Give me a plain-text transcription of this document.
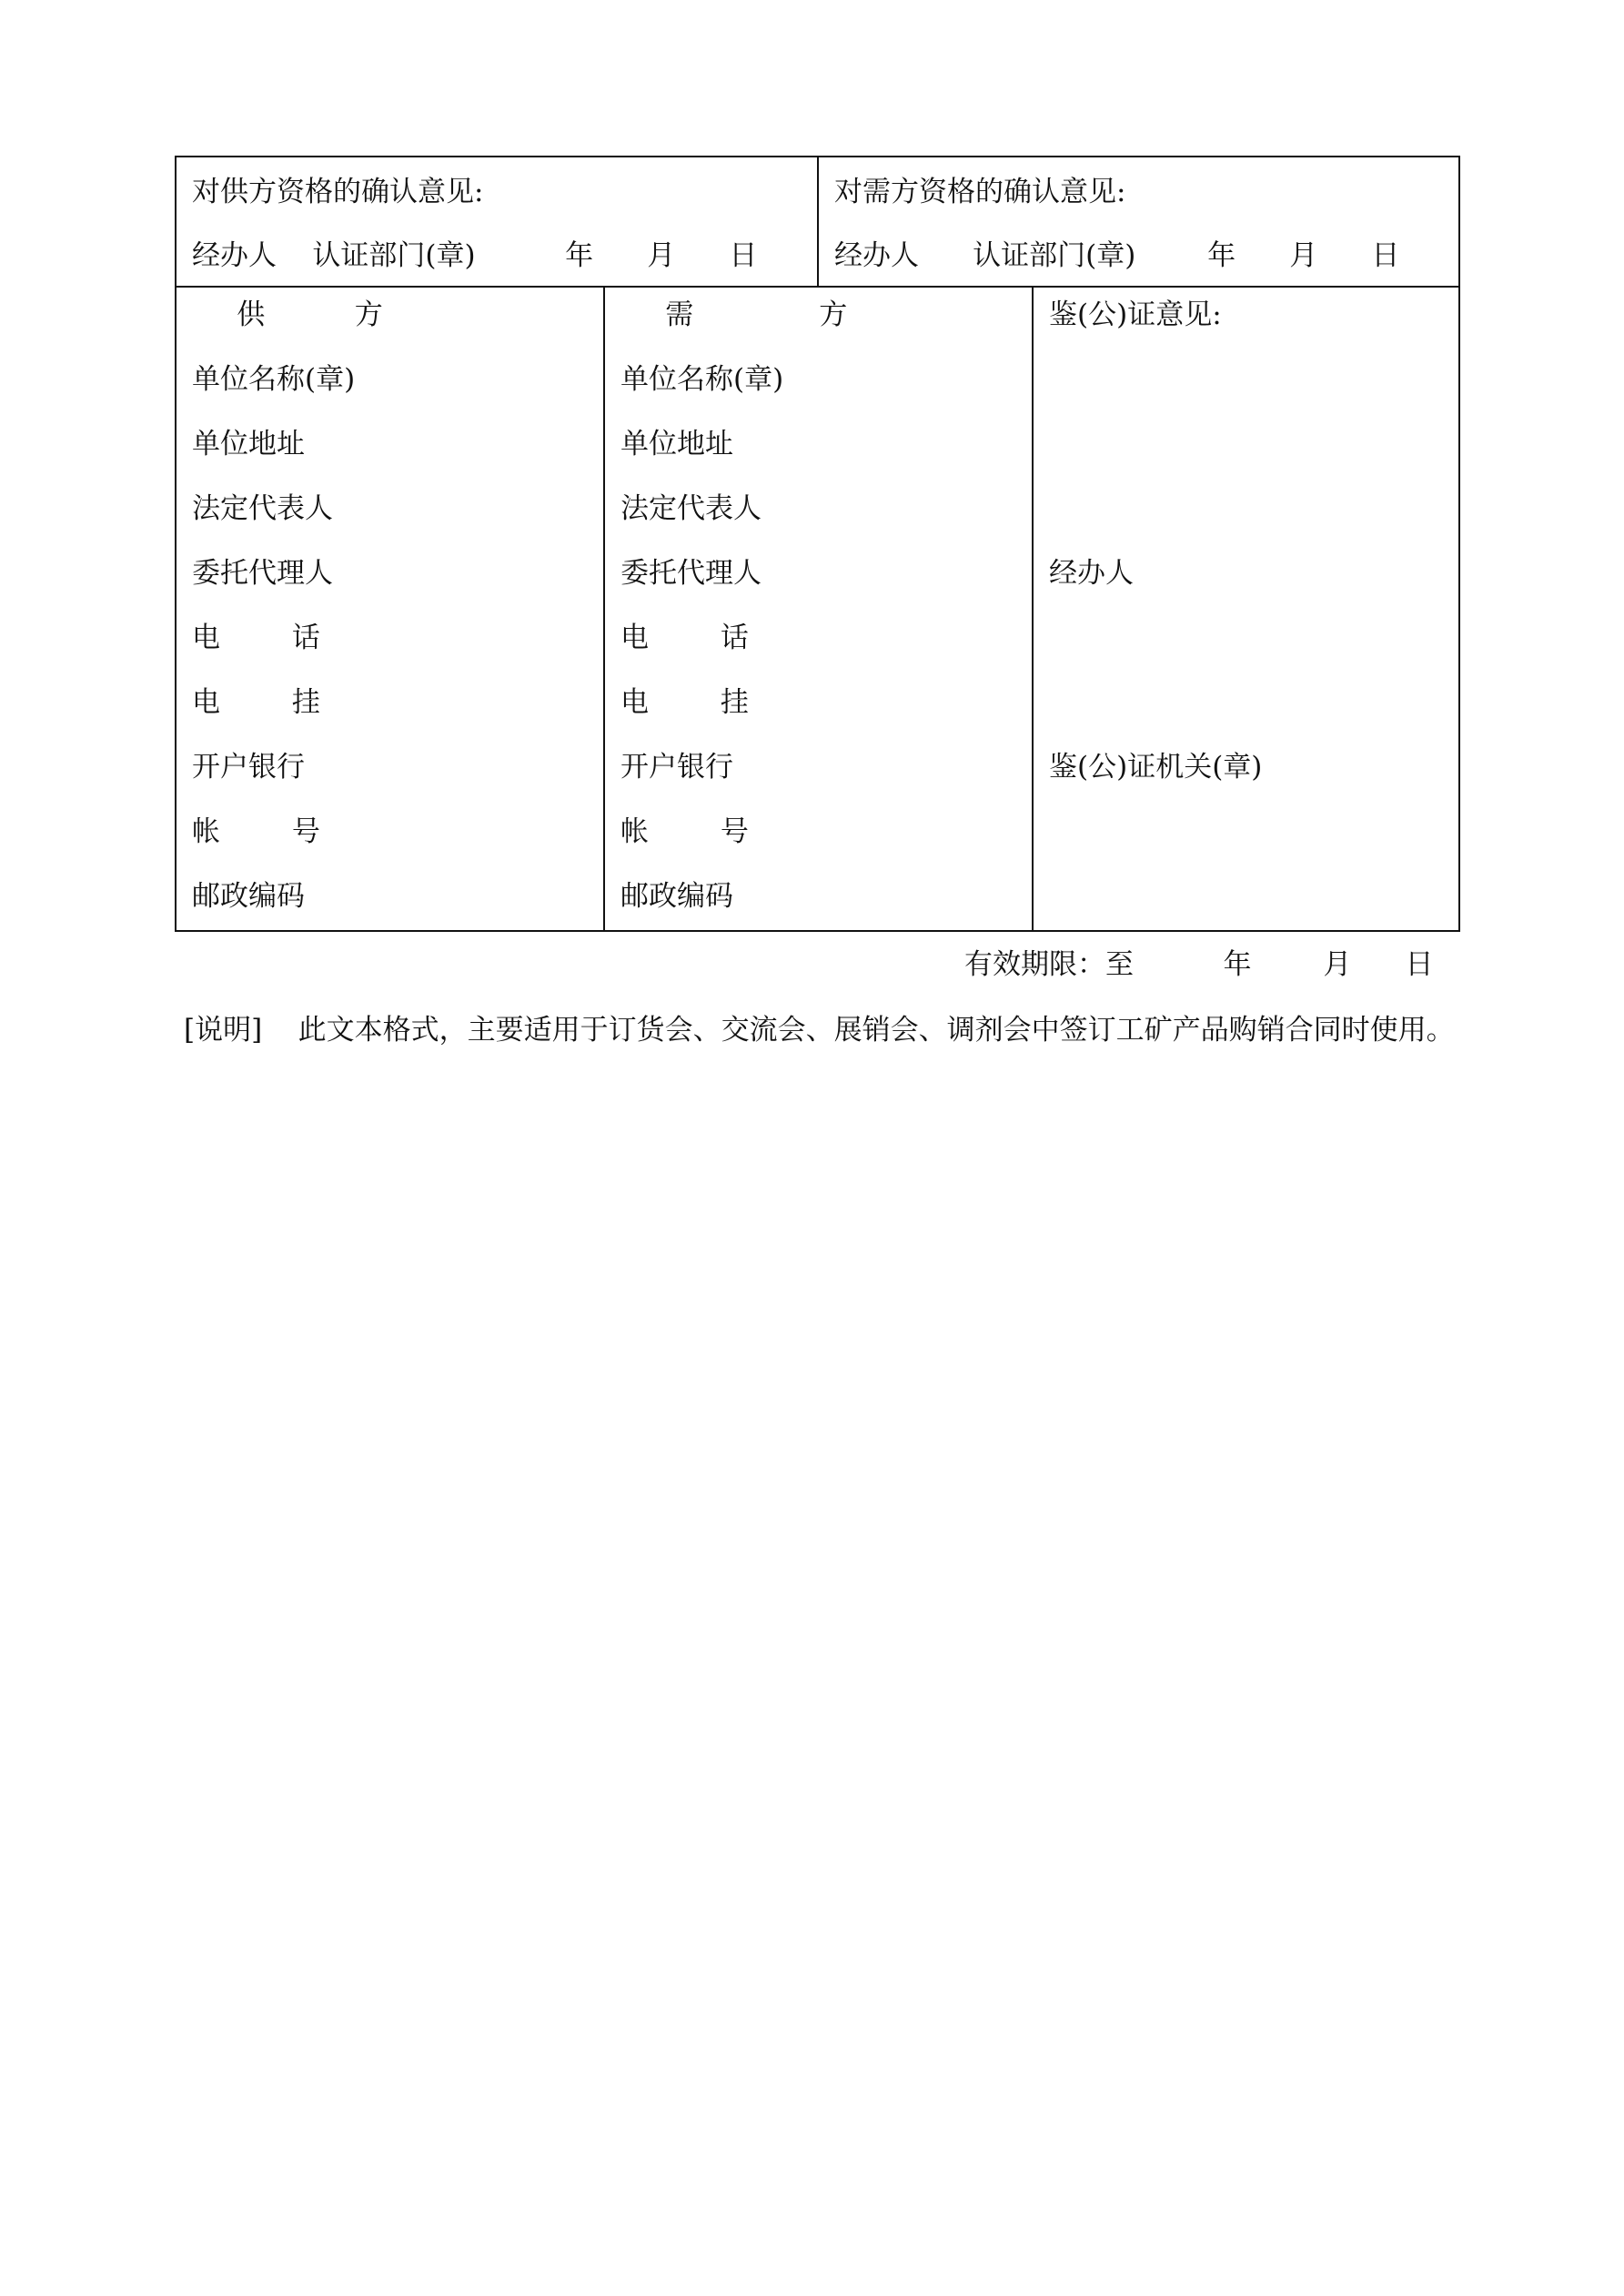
对供方资格的确认意见:
经办人    认证部门(章)          年      月      日
对需方资格的确认意见:
经办人      认证部门(章)        年      月      日
供          方
单位名称(章)
单位地址
法定代表人
委托代理人
电        话
电        挂
开户银行
帐        号
邮政编码
需              方
单位名称(章)
单位地址
法定代表人
委托代理人
电        话
电        挂
开户银行
帐        号
邮政编码
鉴(公)证意见:
经办人
鉴(公)证机关(章)
有效期限：至          年        月      日
[说明]    此文本格式，主要适用于订货会、交流会、展销会、调剂会中签订工矿产品购销合同时使用。
